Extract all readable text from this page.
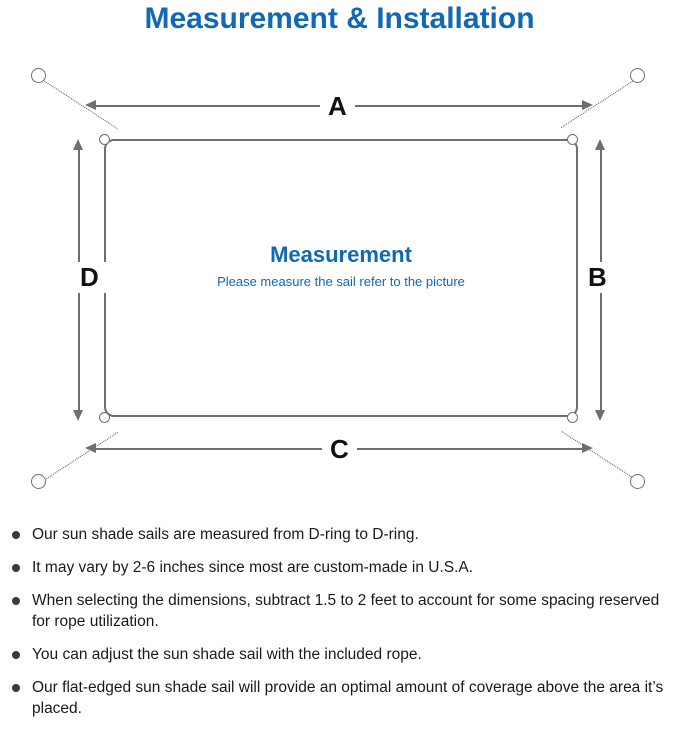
Measurement & Installation
Measurement
Please measure the sail refer to the picture
A
C
D	B
Our sun shade sails are measured from D-ring to D-ring.
It may vary by 2-6 inches since most are custom-made in U.S.A.
When selecting the dimensions, subtract 1.5 to 2 feet to account for some spacing reserved for rope utilization.
You can adjust the sun shade sail with the included rope.
Our flat-edged sun shade sail will provide an optimal amount of coverage above the area it’s placed.
